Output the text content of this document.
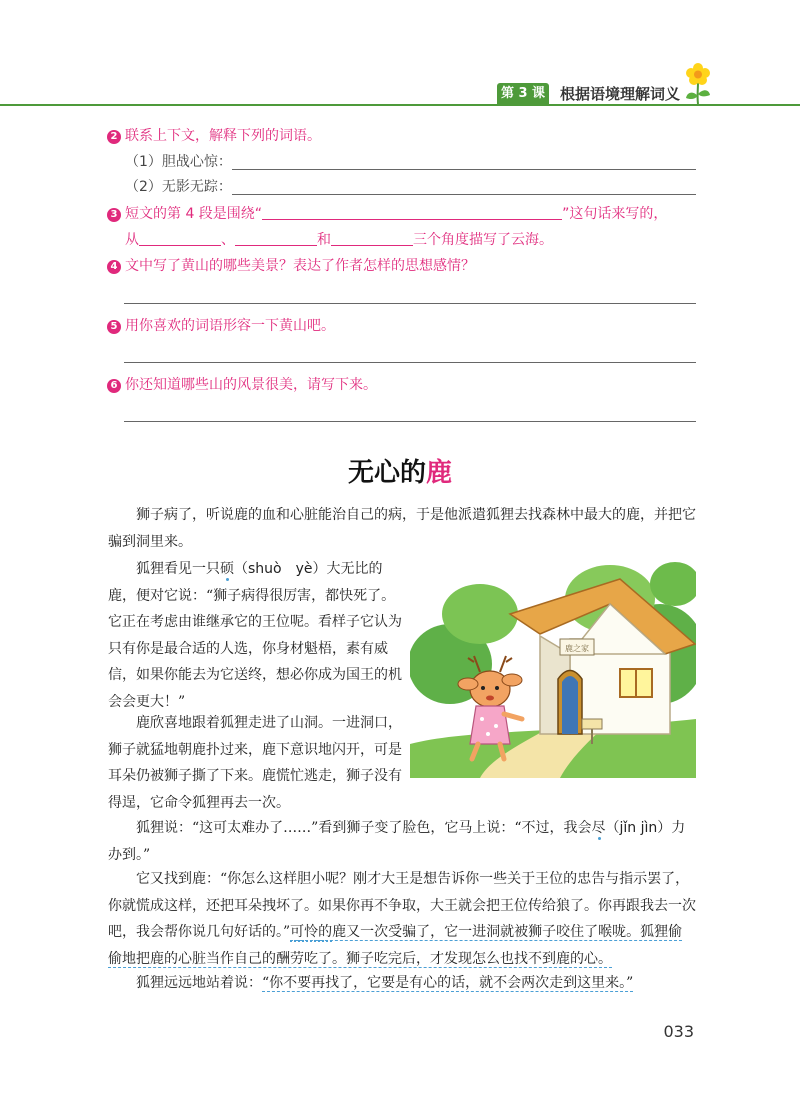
第 3 课 根据语境理解词义
2 联系上下文，解释下列的词语。
（1）胆战心惊：
（2）无影无踪：
3 短文的第 4 段是围绕“	”这句话来写的，
从	、	和	三个角度描写了云海。
4 文中写了黄山的哪些美景？表达了作者怎样的思想感情？
5 用你喜欢的词语形容一下黄山吧。
6 你还知道哪些山的风景很美，请写下来。
无心的鹿

狮子病了，听说鹿的血和心脏能治自己的病，于是他派遣狐狸去找森林中最大的鹿，并把它骗到洞里来。

鹿之家

狐狸看见一只硕（shuò　yè）大无比的鹿，便对它说：“狮子病得很厉害，都快死了。它正在考虑由谁继承它的王位呢。看样子它认为只有你是最合适的人选，你身材魁梧，素有威信，如果你能去为它送终，想必你成为国王的机会会更大！”

鹿欣喜地跟着狐狸走进了山洞。一进洞口，狮子就猛地朝鹿扑过来，鹿下意识地闪开，可是耳朵仍被狮子撕了下来。鹿慌忙逃走，狮子没有得逞，它命令狐狸再去一次。

狐狸说：“这可太难办了……”看到狮子变了脸色，它马上说：“不过，我会尽（jǐn jìn）力办到。”

它又找到鹿：“你怎么这样胆小呢？刚才大王是想告诉你一些关于王位的忠告与指示罢了，你就慌成这样，还把耳朵拽坏了。如果你再不争取，大王就会把王位传给狼了。你再跟我去一次吧，我会帮你说几句好话的。”可怜的鹿又一次受骗了，它一进洞就被狮子咬住了喉咙。狐狸偷偷地把鹿的心脏当作自己的酬劳吃了。狮子吃完后，才发现怎么也找不到鹿的心。

狐狸远远地站着说：“你不要再找了，它要是有心的话，就不会两次走到这里来。”

033
